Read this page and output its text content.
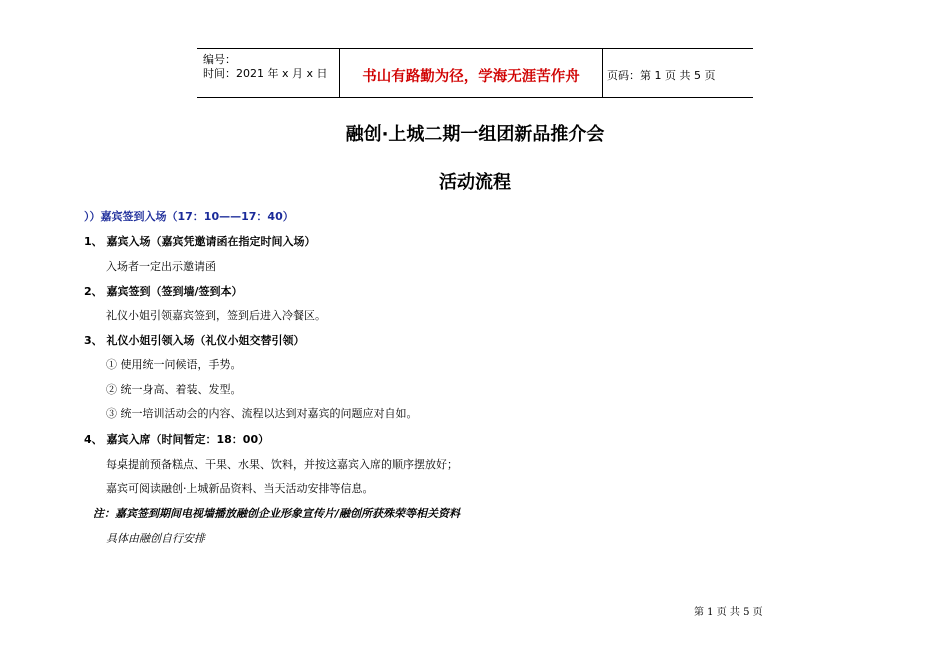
编号：
时间：2021 年 x 月 x 日	书山有路勤为径，学海无涯苦作舟	页码：第 1 页 共 5 页
融创·上城二期一组团新品推介会
活动流程
））嘉宾签到入场（17：10——17：40）
1、 嘉宾入场（嘉宾凭邀请函在指定时间入场）
入场者一定出示邀请函
2、 嘉宾签到（签到墙/签到本）
礼仪小姐引领嘉宾签到，签到后进入冷餐区。
3、 礼仪小姐引领入场（礼仪小姐交替引领）
① 使用统一问候语，手势。
② 统一身高、着装、发型。
③ 统一培训活动会的内容、流程以达到对嘉宾的问题应对自如。
4、 嘉宾入席（时间暂定：18：00）
每桌提前预备糕点、干果、水果、饮料，并按这嘉宾入席的顺序摆放好；
嘉宾可阅读融创·上城新品资料、当天活动安排等信息。
注：嘉宾签到期间电视墙播放融创企业形象宣传片/融创所获殊荣等相关资料
具体由融创自行安排
第 1 页 共 5 页
